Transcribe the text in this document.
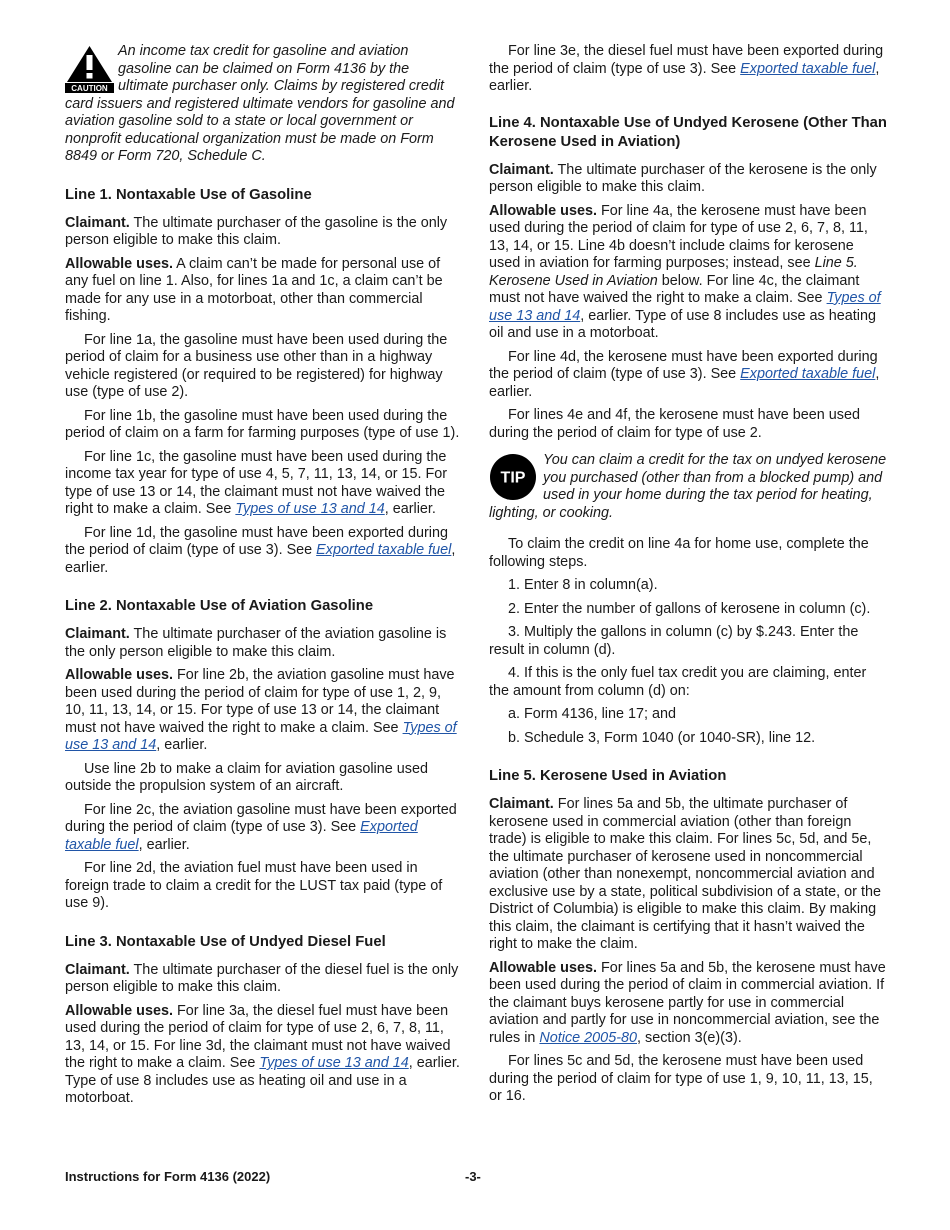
CAUTION
An income tax credit for gasoline and aviation gasoline can be claimed on Form 4136 by the ultimate purchaser only. Claims by registered credit card issuers and registered ultimate vendors for gasoline and aviation gasoline sold to a state or local government or nonprofit educational organization must be made on Form 8849 or Form 720, Schedule C.
Line 1. Nontaxable Use of Gasoline

Claimant. The ultimate purchaser of the gasoline is the only person eligible to make this claim.

Allowable uses. A claim can’t be made for personal use of any fuel on line 1. Also, for lines 1a and 1c, a claim can’t be made for any use in a motorboat, other than commercial fishing.

For line 1a, the gasoline must have been used during the period of claim for a business use other than in a highway vehicle registered (or required to be registered) for highway use (type of use 2).

For line 1b, the gasoline must have been used during the period of claim on a farm for farming purposes (type of use 1).

For line 1c, the gasoline must have been used during the income tax year for type of use 4, 5, 7, 11, 13, 14, or 15. For type of use 13 or 14, the claimant must not have waived the right to make a claim. See Types of use 13 and 14, earlier.

For line 1d, the gasoline must have been exported during the period of claim (type of use 3). See Exported taxable fuel, earlier.

Line 2. Nontaxable Use of Aviation Gasoline

Claimant. The ultimate purchaser of the aviation gasoline is the only person eligible to make this claim.

Allowable uses. For line 2b, the aviation gasoline must have been used during the period of claim for type of use 1, 2, 9, 10, 11, 13, 14, or 15. For type of use 13 or 14, the claimant must not have waived the right to make a claim. See Types of use 13 and 14, earlier.

Use line 2b to make a claim for aviation gasoline used outside the propulsion system of an aircraft.

For line 2c, the aviation gasoline must have been exported during the period of claim (type of use 3). See Exported taxable fuel, earlier.

For line 2d, the aviation fuel must have been used in foreign trade to claim a credit for the LUST tax paid (type of use 9).

Line 3. Nontaxable Use of Undyed Diesel Fuel

Claimant. The ultimate purchaser of the diesel fuel is the only person eligible to make this claim.

Allowable uses. For line 3a, the diesel fuel must have been used during the period of claim for type of use 2, 6, 7, 8, 11, 13, 14, or 15. For line 3d, the claimant must not have waived the right to make a claim. See Types of use 13 and 14, earlier. Type of use 8 includes use as heating oil and use in a motorboat.

For line 3e, the diesel fuel must have been exported during the period of claim (type of use 3). See Exported taxable fuel, earlier.

Line 4. Nontaxable Use of Undyed Kerosene (Other Than Kerosene Used in Aviation)

Claimant. The ultimate purchaser of the kerosene is the only person eligible to make this claim.

Allowable uses. For line 4a, the kerosene must have been used during the period of claim for type of use 2, 6, 7, 8, 11, 13, 14, or 15. Line 4b doesn’t include claims for kerosene used in aviation for farming purposes; instead, see Line 5. Kerosene Used in Aviation below. For line 4c, the claimant must not have waived the right to make a claim. See Types of use 13 and 14, earlier. Type of use 8 includes use as heating oil and use in a motorboat.

For line 4d, the kerosene must have been exported during the period of claim (type of use 3). See Exported taxable fuel, earlier.

For lines 4e and 4f, the kerosene must have been used during the period of claim for type of use 2.

TIP
You can claim a credit for the tax on undyed kerosene you purchased (other than from a blocked pump) and used in your home during the tax period for heating, lighting, or cooking.

To claim the credit on line 4a for home use, complete the following steps.

1. Enter 8 in column(a).

2. Enter the number of gallons of kerosene in column (c).

3. Multiply the gallons in column (c) by $.243. Enter the result in column (d).

4. If this is the only fuel tax credit you are claiming, enter the amount from column (d) on:

a. Form 4136, line 17; and

b. Schedule 3, Form 1040 (or 1040-SR), line 12.

Line 5. Kerosene Used in Aviation

Claimant. For lines 5a and 5b, the ultimate purchaser of kerosene used in commercial aviation (other than foreign trade) is eligible to make this claim. For lines 5c, 5d, and 5e, the ultimate purchaser of kerosene used in noncommercial aviation (other than nonexempt, noncommercial aviation and exclusive use by a state, political subdivision of a state, or the District of Columbia) is eligible to make this claim. By making this claim, the claimant is certifying that it hasn’t waived the right to make the claim.

Allowable uses. For lines 5a and 5b, the kerosene must have been used during the period of claim in commercial aviation. If the claimant buys kerosene partly for use in commercial aviation and partly for use in noncommercial aviation, see the rules in Notice 2005-80, section 3(e)(3).

For lines 5c and 5d, the kerosene must have been used during the period of claim for type of use 1, 9, 10, 11, 13, 15, or 16.

Instructions for Form 4136 (2022)	-3-
